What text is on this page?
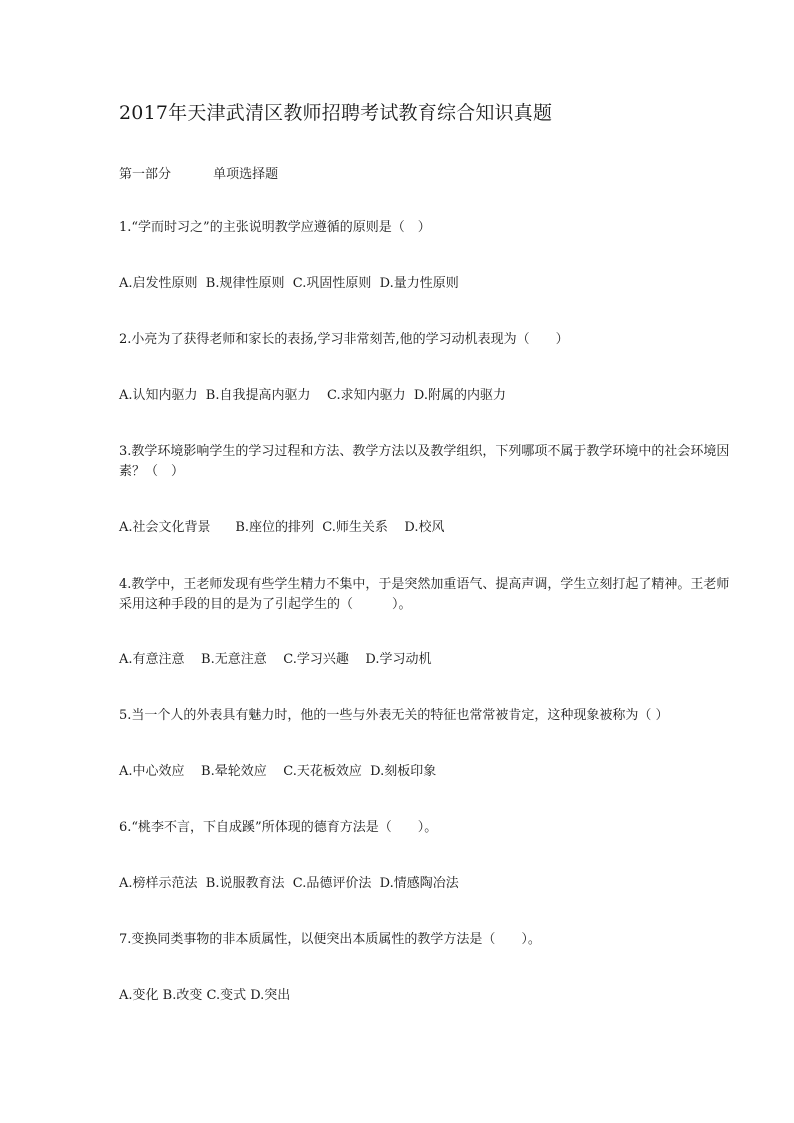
2017年天津武清区教师招聘考试教育综合知识真题
第一部分	单项选择题
1.“学而时习之”的主张说明教学应遵循的原则是（　）
A.启发性原则  B.规律性原则  C.巩固性原则  D.量力性原则
2.小亮为了获得老师和家长的表扬,学习非常刻苦,他的学习动机表现为（　　）
A.认知内驱力  B.自我提高内驱力    C.求知内驱力  D.附属的内驱力
3.教学环境影响学生的学习过程和方法、教学方法以及教学组织，下列哪项不属于教学环境中的社会环境因素？（　）
A.社会文化背景      B.座位的排列  C.师生关系    D.校风
4.教学中，王老师发现有些学生精力不集中，于是突然加重语气、提高声调，学生立刻打起了精神。王老师采用这种手段的目的是为了引起学生的（　　　）。
A.有意注意    B.无意注意    C.学习兴趣    D.学习动机
5.当一个人的外表具有魅力时，他的一些与外表无关的特征也常常被肯定，这种现象被称为（ ）
A.中心效应    B.晕轮效应    C.天花板效应  D.刻板印象
6.“桃李不言，下自成蹊”所体现的德育方法是（　　）。
A.榜样示范法  B.说服教育法  C.品德评价法  D.情感陶冶法
7.变换同类事物的非本质属性，以便突出本质属性的教学方法是（　　）。
A.变化 B.改变 C.变式 D.突出
